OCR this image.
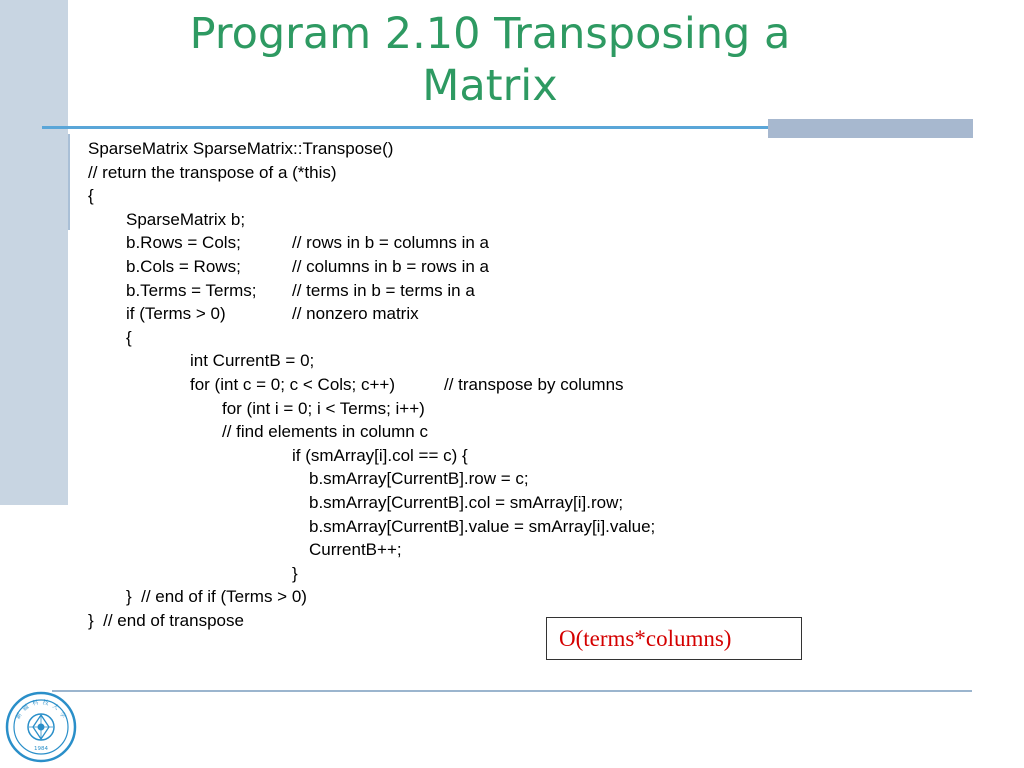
Program 2.10 Transposing a Matrix
SparseMatrix SparseMatrix::Transpose()
// return the transpose of a (*this)
{
SparseMatrix b;
b.Rows = Cols;	// rows in b = columns in a
b.Cols = Rows;	// columns in b = rows in a
b.Terms = Terms; // terms in b = terms in a
if (Terms > 0)	// nonzero matrix
{
int CurrentB = 0;
for (int c = 0; c < Cols; c++)	// transpose by columns
for (int i = 0; i < Terms; i++)
// find elements in column c
if (smArray[i].col == c) {
b.smArray[CurrentB].row = c;
b.smArray[CurrentB].col = smArray[i].row;
b.smArray[CurrentB].value = smArray[i].value;
CurrentB++;
}
}  // end of if (Terms > 0)
}  // end of transpose
O(terms*columns)
新 疆 科 技 大 学
1984
